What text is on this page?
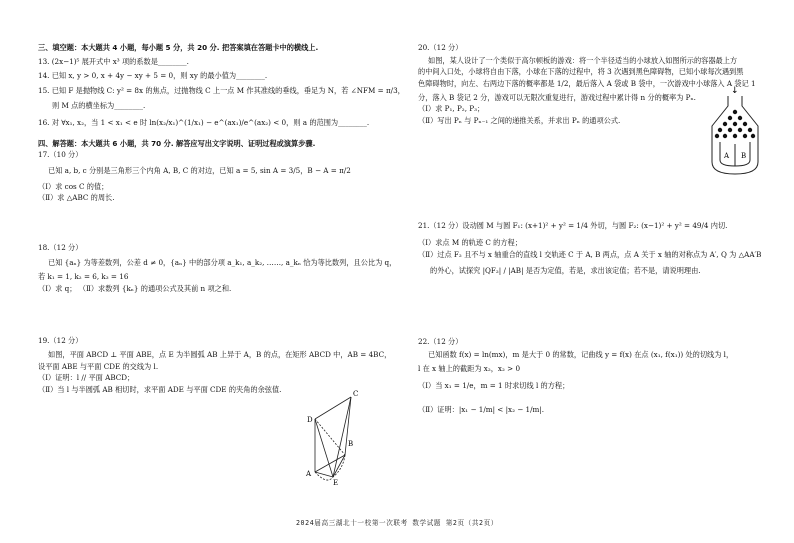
三、填空题：本大题共 4 小题，每小题 5 分，共 20 分. 把答案填在答题卡中的横线上.
13. (2x−1)⁵ 展开式中 x³ 项的系数是________.
14. 已知 x, y > 0, x + 4y − xy + 5 = 0，则 xy 的最小值为________.
15. 已知 F 是抛物线 C: y² = 8x 的焦点，过抛物线 C 上一点 M 作其准线的垂线，垂足为 N，若 ∠NFM = π/3，
则 M 点的横坐标为________.
16. 对 ∀x₁, x₂，当 1 < x₁ < e 时 ln(x₂/x₁)^(1/x₁) − e^(ax₁)/e^(ax₂) < 0，则 a 的范围为________.
四、解答题：本大题共 6 小题，共 70 分. 解答应写出文字说明、证明过程或演算步骤.
17.（10 分）
已知 a, b, c 分别是三角形三个内角 A, B, C 的对边，已知 a = 5, sin A = 3/5，B − A = π/2
（Ⅰ）求 cos C 的值；
（Ⅱ）求 △ABC 的周长.
18.（12 分）
已知 {aₙ} 为等差数列，公差 d ≠ 0，{aₙ} 中的部分项 a_k₁, a_k₂, ……, a_kₙ 恰为等比数列，且公比为 q，
若 k₁ = 1, k₂ = 6, k₃ = 16
（Ⅰ）求 q； （Ⅱ）求数列 {kₙ} 的通项公式及其前 n 项之和.
19.（12 分）
如图，平面 ABCD ⊥ 平面 ABE，点 E 为半圆弧 AB 上异于 A，B 的点，在矩形 ABCD 中，AB = 4BC，
设平面 ABE 与平面 CDE 的交线为 l.
（Ⅰ）证明：l // 平面 ABCD；
（Ⅱ）当 l 与半圆弧 AB 相切时，求平面 ADE 与平面 CDE 的夹角的余弦值.	C
D
B
E
A
20.（12 分）
如图，某人设计了一个类似于高尔顿板的游戏：将一个半径适当的小球放入如图所示的容器最上方
的中间入口处，小球将自由下落，小球在下落的过程中，将 3 次遇到黑色障碍物，已知小球每次遇到黑
色障碍物时，向左、右两边下落的概率都是 1/2，最后落入 A 袋或 B 袋中，一次游戏中小球落入 A 袋记 1
分，落入 B 袋记 2 分，游戏可以无限次重复进行，游戏过程中累计得 n 分的概率为 Pₙ.
（Ⅰ）求 P₁, P₂, P₃；
（Ⅱ）写出 Pₙ 与 Pₙ₋₁ 之间的递推关系，并求出 Pₙ 的通项公式.
21.（12 分）设动圆 M 与圆 F₁: (x+1)² + y² = 1/4 外切，与圆 F₂: (x−1)² + y² = 49/4 内切.
（Ⅰ）求点 M 的轨迹 C 的方程；
（Ⅱ）过点 F₂ 且不与 x 轴重合的直线 l 交轨迹 C 于 A, B 两点，点 A 关于 x 轴的对称点为 A′, Q 为 △AA′B
的外心，试探究 |QF₂| / |AB| 是否为定值，若是，求出该定值；若不是，请说明理由.
22.（12 分）
已知函数 f(x) = ln(mx)，m 是大于 0 的常数，记曲线 y = f(x) 在点 (x₁, f(x₁)) 处的切线为 l，
l 在 x 轴上的截距为 x₂，x₂ > 0
（Ⅰ）当 x₁ = 1/e，m = 1 时求切线 l 的方程；
（Ⅱ）证明：|x₁ − 1/m| < |x₂ − 1/m|.
↓
A B
2024届高三湖北十一校第一次联考 数学试题 第2页（共2页）
